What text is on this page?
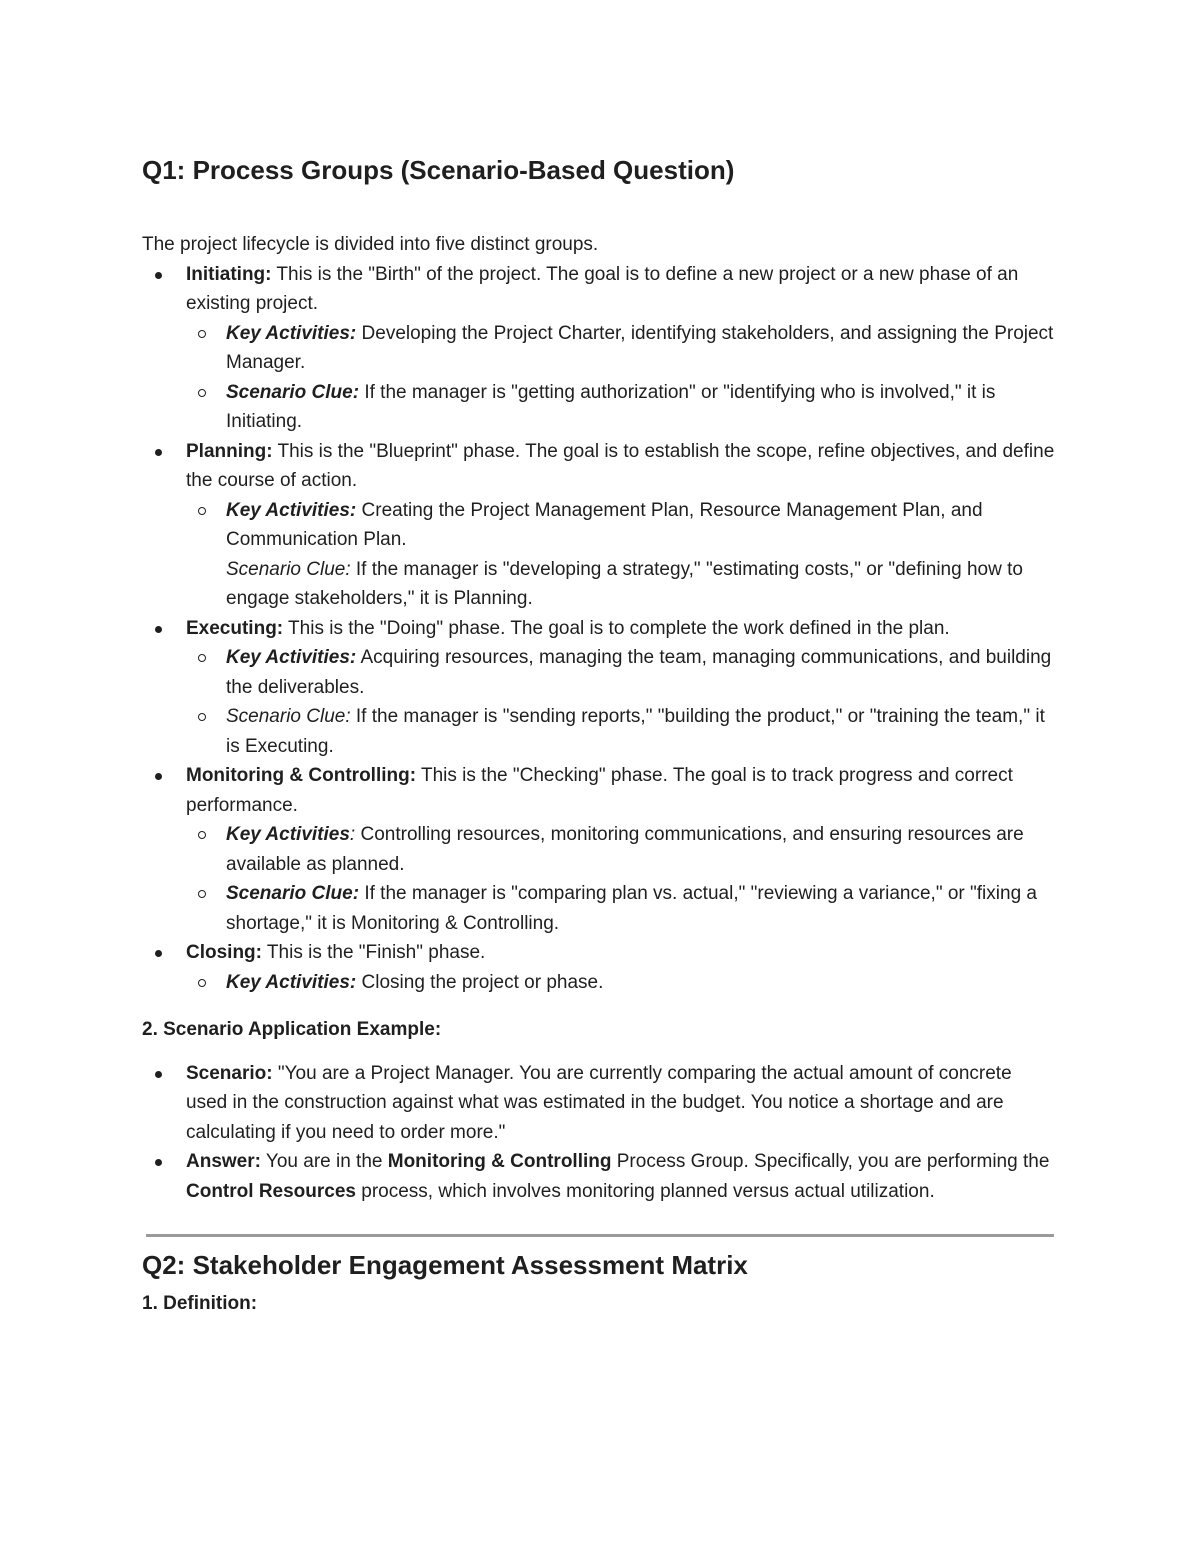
Q1: Process Groups (Scenario-Based Question)

The project lifecycle is divided into five distinct groups.

Initiating: This is the "Birth" of the project. The goal is to define a new project or a new phase of an existing project.
Key Activities: Developing the Project Charter, identifying stakeholders, and assigning the Project Manager.
Scenario Clue: If the manager is "getting authorization" or "identifying who is involved," it is Initiating.
Planning: This is the "Blueprint" phase. The goal is to establish the scope, refine objectives, and define the course of action.
Key Activities: Creating the Project Management Plan, Resource Management Plan, and Communication Plan.
Scenario Clue: If the manager is "developing a strategy," "estimating costs," or "defining how to engage stakeholders," it is Planning.
Executing: This is the "Doing" phase. The goal is to complete the work defined in the plan.
Key Activities: Acquiring resources, managing the team, managing communications, and building the deliverables.
Scenario Clue: If the manager is "sending reports," "building the product," or "training the team," it is Executing.
Monitoring & Controlling: This is the "Checking" phase. The goal is to track progress and correct performance.
Key Activities: Controlling resources, monitoring communications, and ensuring resources are available as planned.
Scenario Clue: If the manager is "comparing plan vs. actual," "reviewing a variance," or "fixing a shortage," it is Monitoring & Controlling.
Closing: This is the "Finish" phase.
Key Activities: Closing the project or phase.
2. Scenario Application Example:
Scenario: "You are a Project Manager. You are currently comparing the actual amount of concrete used in the construction against what was estimated in the budget. You notice a shortage and are calculating if you need to order more."
Answer: You are in the Monitoring & Controlling Process Group. Specifically, you are performing the Control Resources process, which involves monitoring planned versus actual utilization.
Q2: Stakeholder Engagement Assessment Matrix
1. Definition:
